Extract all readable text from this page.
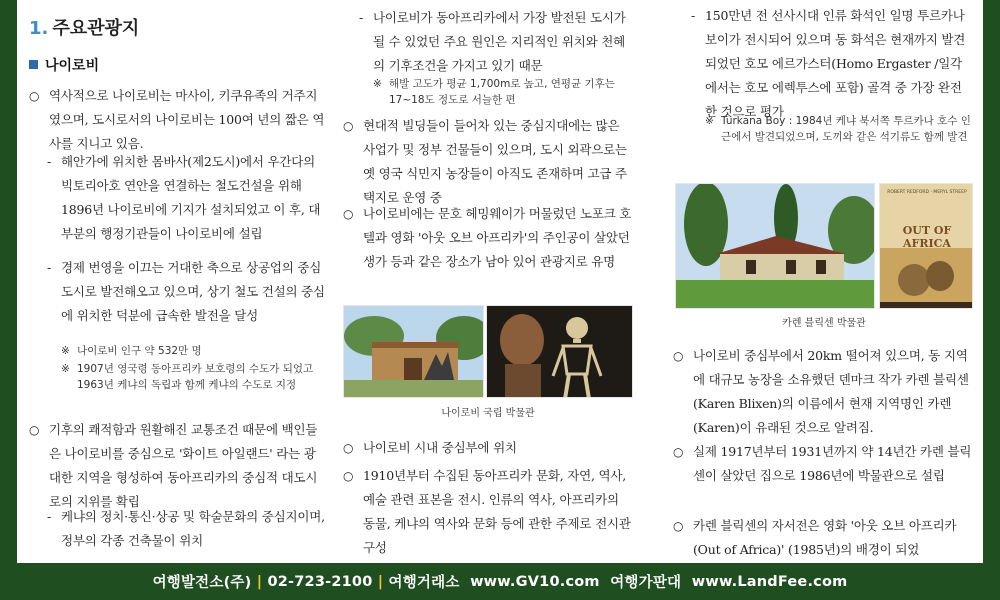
1. 주요관광지
나이로비
○ 역사적으로 나이로비는 마사이, 키쿠유족의 거주지였으며, 도시로서의 나이로비는 100여 년의 짧은 역사를 지니고 있음.
- 해안가에 위치한 몸바사(제2도시)에서 우간다의 빅토리아호 연안을 연결하는 철도건설을 위해 1896년 나이로비에 기지가 설치되었고 이 후, 대부분의 행정기관들이 나이로비에 설립
- 경제 번영을 이끄는 거대한 축으로 상공업의 중심도시로 발전해오고 있으며, 상기 철도 건설의 중심에 위치한 덕분에 급속한 발전을 달성
※ 나이로비 인구 약 532만 명
※ 1907년 영국령 동아프리카 보호령의 수도가 되었고 1963년 케냐의 독립과 함께 케냐의 수도로 지정
○ 기후의 쾌적함과 원활해진 교통조건 때문에 백인들은 나이로비를 중심으로 '화이트 아일랜드' 라는 광대한 지역을 형성하여 동아프리카의 중심적 대도시로의 지위를 확립
- 케냐의 정치·통신·상공 및 학술문화의 중심지이며, 정부의 각종 건축물이 위치
- 나이로비가 동아프리카에서 가장 발전된 도시가 될 수 있었던 주요 원인은 지리적인 위치와 천혜의 기후조건을 가지고 있기 때문
※ 해발 고도가 평균 1,700m로 높고, 연평균 기후는 17~18도 정도로 서늘한 편
○ 현대적 빌딩들이 들어차 있는 중심지대에는 많은 사업가 및 정부 건물들이 있으며, 도시 외곽으로는 옛 영국 식민지 농장들이 아직도 존재하며 고급 주택지로 운영 중
○ 나이로비에는 문호 헤밍웨이가 머물렀던 노포크 호텔과 영화 '아웃 오브 아프리카'의 주인공이 살았던 생가 등과 같은 장소가 남아 있어 관광지로 유명
나이로비 국립 박물관
○ 나이로비 시내 중심부에 위치
○ 1910년부터 수집된 동아프리카 문화, 자연, 역사, 예술 관련 표본을 전시. 인류의 역사, 아프리카의 동물, 케냐의 역사와 문화 등에 관한 주제로 전시관 구성
- 150만년 전 선사시대 인류 화석인 일명 투르카나 보이가 전시되어 있으며 동 화석은 현재까지 발견되었던 호모 에르가스터(Homo Ergaster /일각에서는 호모 에렉투스에 포함) 골격 중 가장 완전한 것으로 평가
※ Turkana Boy : 1984년 케냐 북서쪽 투르카나 호수 인근에서 발견되었으며, 도끼와 같은 석기류도 함께 발견
ROBERT REDFORD · MERYL STREEP
OUT OF AFRICA
카렌 블릭센 박물관
○ 나이로비 중심부에서 20km 떨어져 있으며, 동 지역에 대규모 농장을 소유했던 덴마크 작가 카렌 블릭센(Karen Blixen)의 이름에서 현재 지역명인 카렌(Karen)이 유래된 것으로 알려짐.
○ 실제 1917년부터 1931년까지 약 14년간 카렌 블릭센이 살았던 집으로 1986년에 박물관으로 설립
○ 카렌 블릭센의 자서전은 영화 '아웃 오브 아프리카(Out of Africa)' (1985년)의 배경이 되었
여행발전소(주)
|
02-723-2100
|
여행거래소
www.GV10.com
여행가판대
www.LandFee.com
